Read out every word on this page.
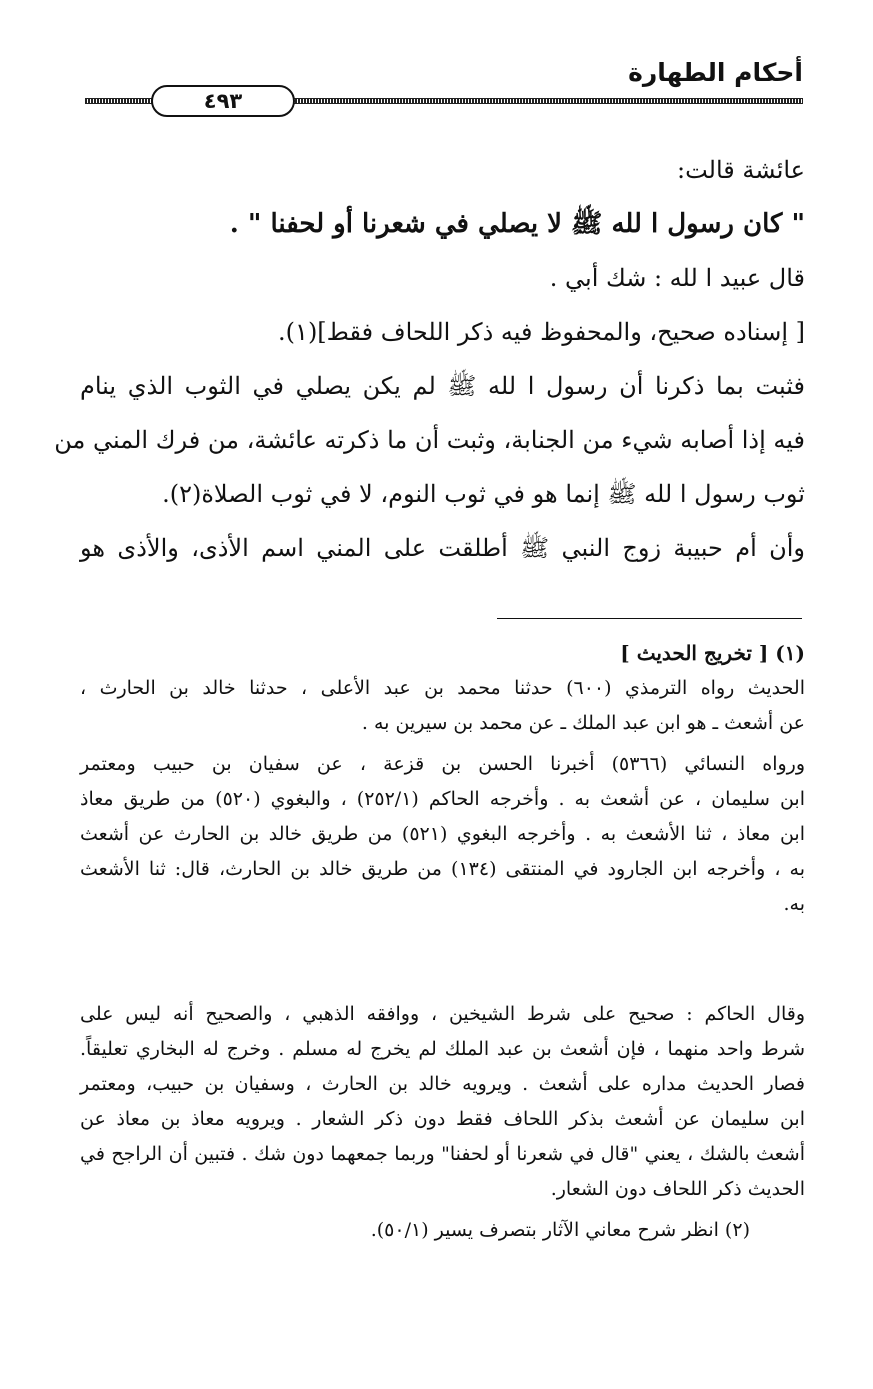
أحكام الطهارة
٤٩٣
عائشة قالت:
" كان رسول ا لله ﷺ لا يصلي في شعرنا أو لحفنا " .
قال عبيد ا لله : شك أبي .
[ إسناده صحيح، والمحفوظ فيه ذكر اللحاف فقط](١).
فثبت بما ذكرنا أن رسول ا لله ﷺ لم يكن يصلي في الثوب الذي ينام
فيه إذا أصابه شيء من الجنابة، وثبت أن ما ذكرته عائشة، من فرك المني من
ثوب رسول ا لله ﷺ إنما هو في ثوب النوم، لا في ثوب الصلاة(٢).
وأن أم حبيبة زوج النبي ﷺ أطلقت على المني اسم الأذى، والأذى هو
(١) [ تخريج الحديث ]
الحديث رواه الترمذي (٦٠٠) حدثنا محمد بن عبد الأعلى ، حدثنا خالد بن الحارث ،
عن أشعث ـ هو ابن عبد الملك ـ عن محمد بن سيرين به .
ورواه النسائي (٥٣٦٦) أخبرنا الحسن بن قزعة ، عن سفيان بن حبيب ومعتمر
ابن سليمان ، عن أشعث به . وأخرجه الحاكم (٢٥٢/١) ، والبغوي (٥٢٠) من طريق معاذ
ابن معاذ ، ثنا الأشعث به . وأخرجه البغوي (٥٢١) من طريق خالد بن الحارث عن أشعث
به ، وأخرجه ابن الجارود في المنتقى (١٣٤) من طريق خالد بن الحارث، قال: ثنا الأشعث
به.
وقال الحاكم : صحيح على شرط الشيخين ، ووافقه الذهبي ، والصحيح أنه ليس على
شرط واحد منهما ، فإن أشعث بن عبد الملك لم يخرج له مسلم . وخرج له البخاري تعليقاً.
فصار الحديث مداره على أشعث . ويرويه خالد بن الحارث ، وسفيان بن حبيب، ومعتمر
ابن سليمان عن أشعث بذكر اللحاف فقط دون ذكر الشعار . ويرويه معاذ بن معاذ عن
أشعث بالشك ، يعني "قال في شعرنا أو لحفنا" وربما جمعهما دون شك . فتبين أن الراجح في
الحديث ذكر اللحاف دون الشعار.
(٢) انظر شرح معاني الآثار بتصرف يسير (٥٠/١).
